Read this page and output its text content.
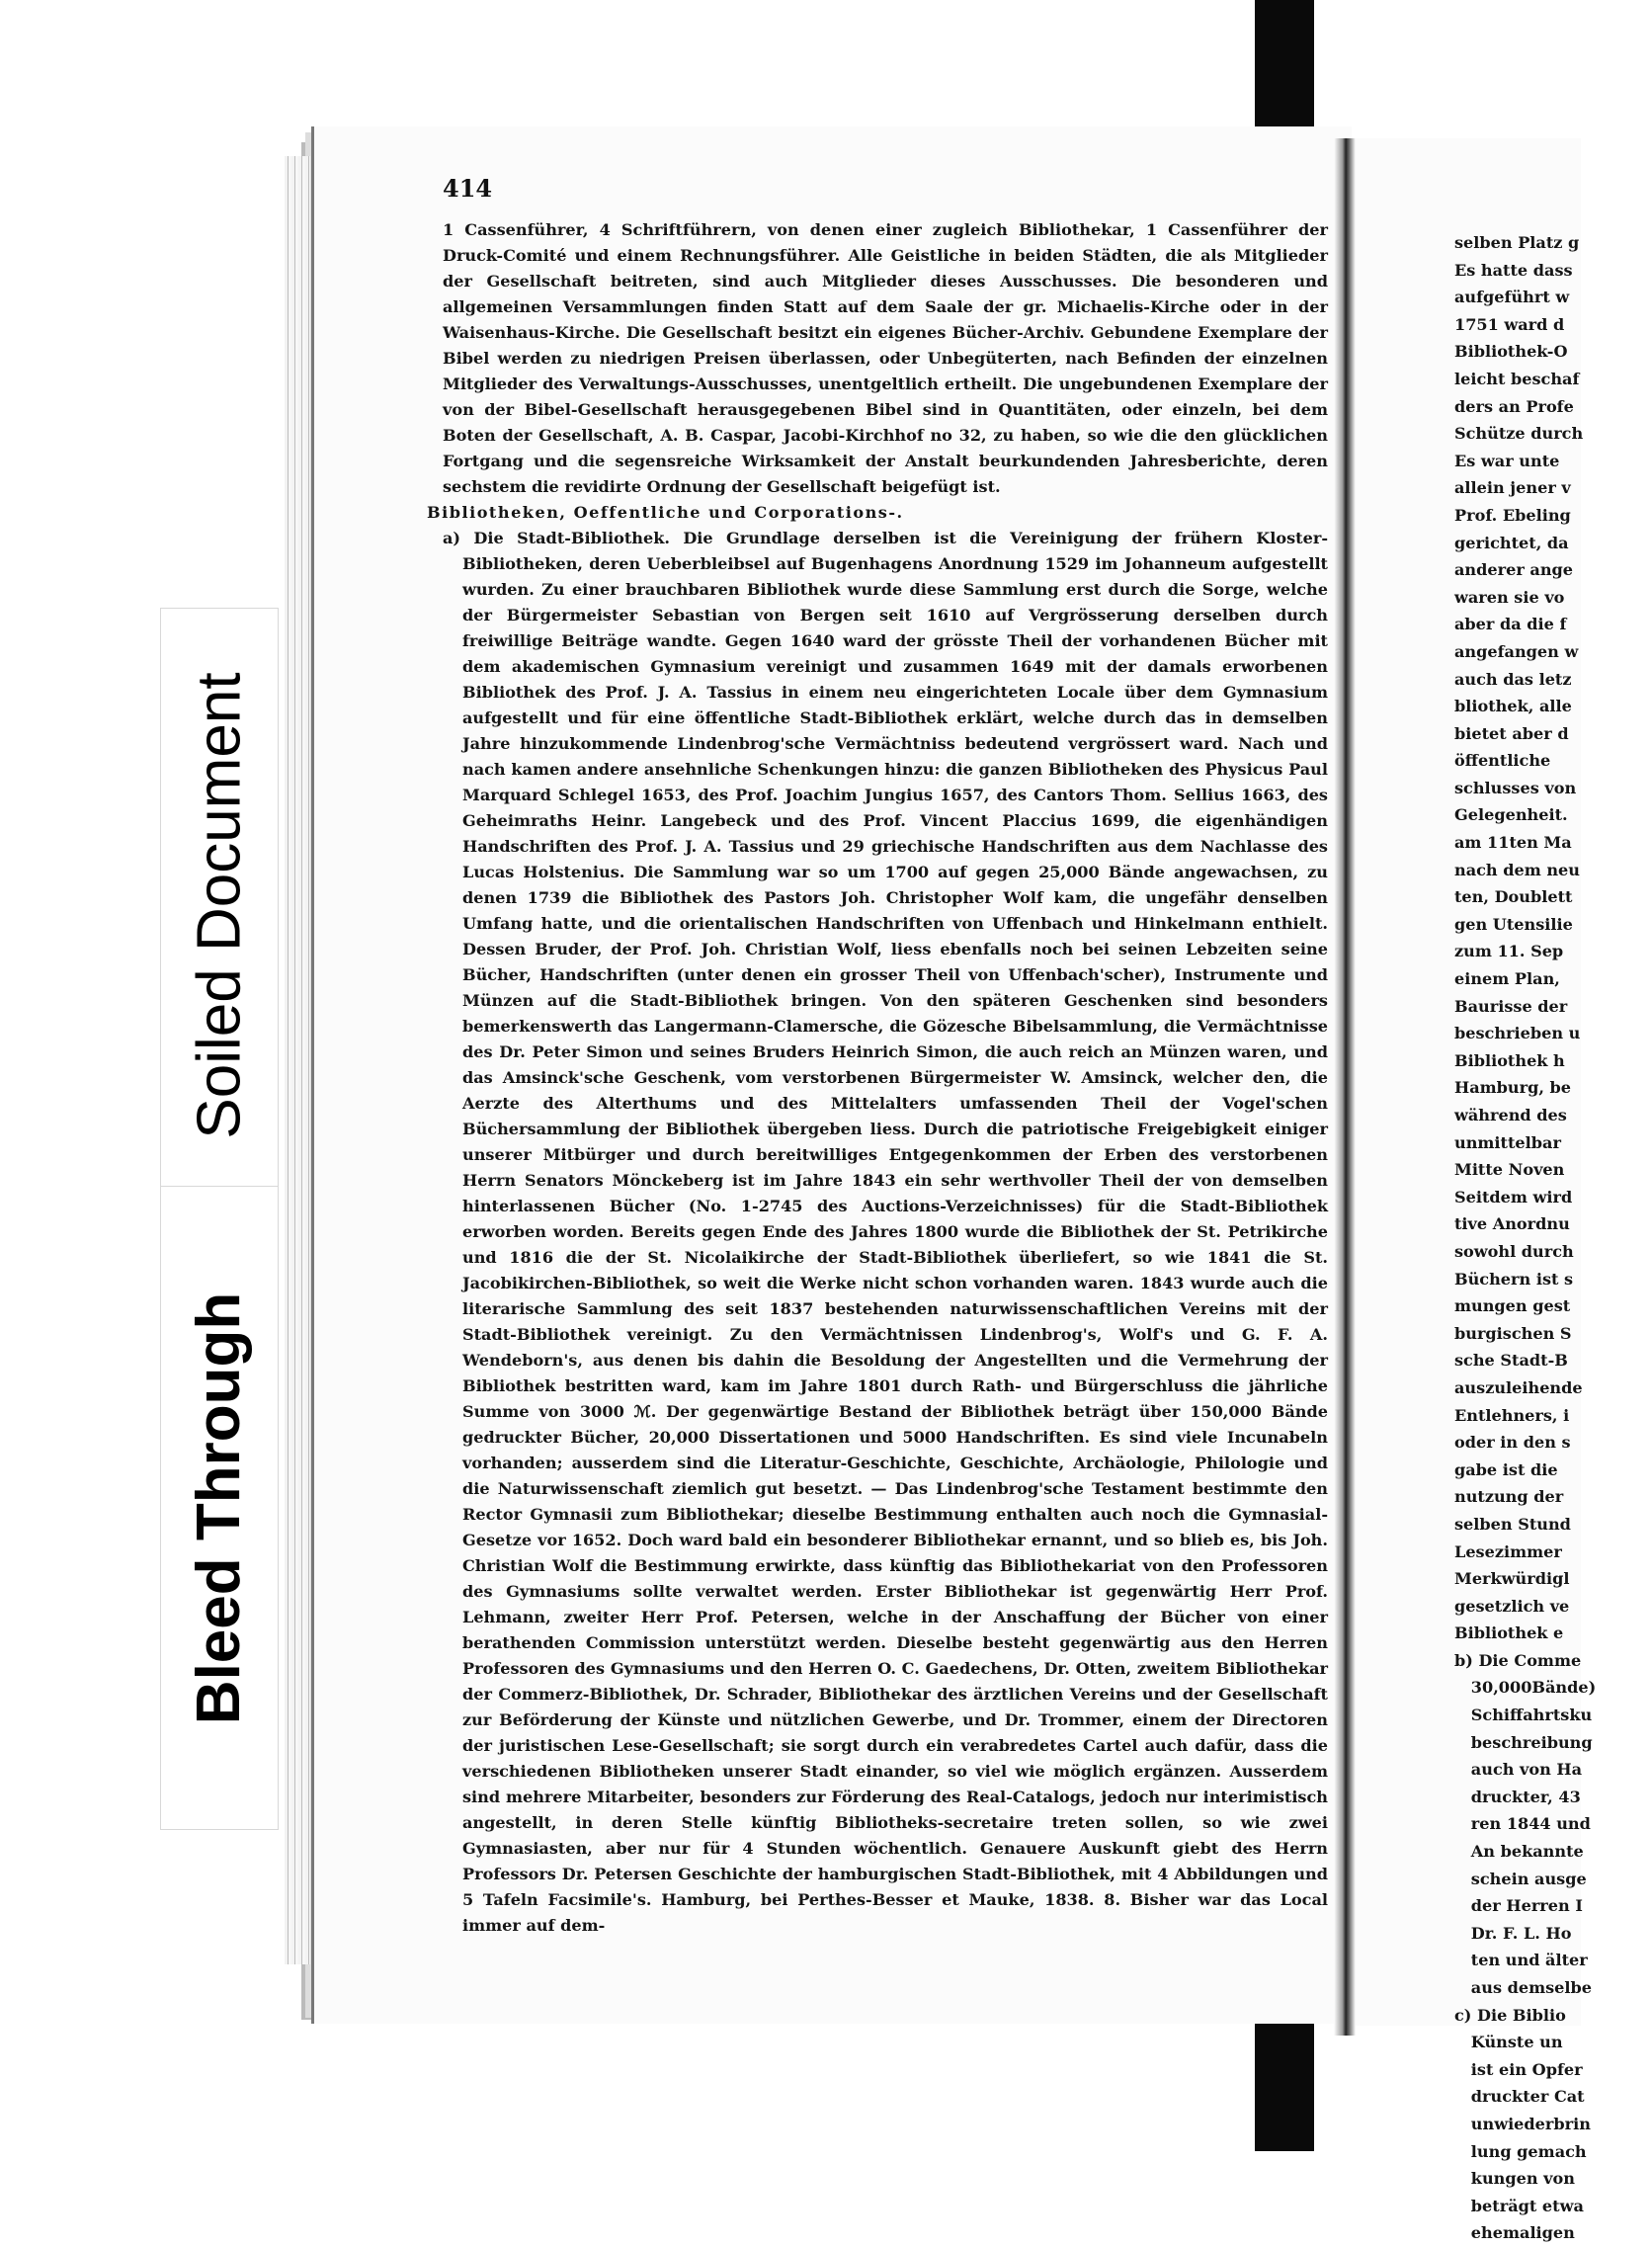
414

1 Cassenführer, 4 Schriftführern, von denen einer zugleich Bibliothekar, 1 Cassenführer der Druck-Comité und einem Rechnungsführer. Alle Geistliche in beiden Städten, die als Mitglieder der Gesellschaft beitreten, sind auch Mitglieder dieses Ausschusses. Die besonderen und allgemeinen Versammlungen finden Statt auf dem Saale der gr. Michaelis-Kirche oder in der Waisenhaus-Kirche. Die Gesellschaft besitzt ein eigenes Bücher-Archiv. Gebundene Exemplare der Bibel werden zu niedrigen Preisen überlassen, oder Unbegüterten, nach Befinden der einzelnen Mitglieder des Verwaltungs-Ausschusses, unentgeltlich ertheilt. Die ungebundenen Exemplare der von der Bibel-Gesellschaft herausgegebenen Bibel sind in Quantitäten, oder einzeln, bei dem Boten der Gesellschaft, A. B. Caspar, Jacobi-Kirchhof no 32, zu haben, so wie die den glücklichen Fortgang und die segensreiche Wirksamkeit der Anstalt beurkundenden Jahresberichte, deren sechstem die revidirte Ordnung der Gesellschaft beigefügt ist.

Bibliotheken, Oeffentliche und Corporations-.

a) Die Stadt-Bibliothek. Die Grundlage derselben ist die Vereinigung der frühern Kloster-Bibliotheken, deren Ueberbleibsel auf Bugenhagens Anordnung 1529 im Johanneum aufgestellt wurden. Zu einer brauchbaren Bibliothek wurde diese Sammlung erst durch die Sorge, welche der Bürgermeister Sebastian von Bergen seit 1610 auf Vergrösserung derselben durch freiwillige Beiträge wandte. Gegen 1640 ward der grösste Theil der vorhandenen Bücher mit dem akademischen Gymnasium vereinigt und zusammen 1649 mit der damals erworbenen Bibliothek des Prof. J. A. Tassius in einem neu eingerichteten Locale über dem Gymnasium aufgestellt und für eine öffentliche Stadt-Bibliothek erklärt, welche durch das in demselben Jahre hinzukommende Lindenbrog'sche Vermächtniss bedeutend vergrössert ward. Nach und nach kamen andere ansehnliche Schenkungen hinzu: die ganzen Bibliotheken des Physicus Paul Marquard Schlegel 1653, des Prof. Joachim Jungius 1657, des Cantors Thom. Sellius 1663, des Geheimraths Heinr. Langebeck und des Prof. Vincent Placcius 1699, die eigenhändigen Handschriften des Prof. J. A. Tassius und 29 griechische Handschriften aus dem Nachlasse des Lucas Holstenius. Die Sammlung war so um 1700 auf gegen 25,000 Bände angewachsen, zu denen 1739 die Bibliothek des Pastors Joh. Christopher Wolf kam, die ungefähr denselben Umfang hatte, und die orientalischen Handschriften von Uffenbach und Hinkelmann enthielt. Dessen Bruder, der Prof. Joh. Christian Wolf, liess ebenfalls noch bei seinen Lebzeiten seine Bücher, Handschriften (unter denen ein grosser Theil von Uffenbach'scher), Instrumente und Münzen auf die Stadt-Bibliothek bringen. Von den späteren Geschenken sind besonders bemerkenswerth das Langermann-Clamersche, die Gözesche Bibelsammlung, die Vermächtnisse des Dr. Peter Simon und seines Bruders Heinrich Simon, die auch reich an Münzen waren, und das Amsinck'sche Geschenk, vom verstorbenen Bürgermeister W. Amsinck, welcher den, die Aerzte des Alterthums und des Mittelalters umfassenden Theil der Vogel'schen Büchersammlung der Bibliothek übergeben liess. Durch die patriotische Freigebigkeit einiger unserer Mitbürger und durch bereitwilliges Entgegenkommen der Erben des verstorbenen Herrn Senators Mönckeberg ist im Jahre 1843 ein sehr werthvoller Theil der von demselben hinterlassenen Bücher (No. 1-2745 des Auctions-Verzeichnisses) für die Stadt-Bibliothek erworben worden. Bereits gegen Ende des Jahres 1800 wurde die Bibliothek der St. Petrikirche und 1816 die der St. Nicolaikirche der Stadt-Bibliothek überliefert, so wie 1841 die St. Jacobikirchen-Bibliothek, so weit die Werke nicht schon vorhanden waren. 1843 wurde auch die literarische Sammlung des seit 1837 bestehenden naturwissenschaftlichen Vereins mit der Stadt-Bibliothek vereinigt. Zu den Vermächtnissen Lindenbrog's, Wolf's und G. F. A. Wendeborn's, aus denen bis dahin die Besoldung der Angestellten und die Vermehrung der Bibliothek bestritten ward, kam im Jahre 1801 durch Rath- und Bürgerschluss die jährliche Summe von 3000 ℳ. Der gegenwärtige Bestand der Bibliothek beträgt über 150,000 Bände gedruckter Bücher, 20,000 Dissertationen und 5000 Handschriften. Es sind viele Incunabeln vorhanden; ausserdem sind die Literatur-Geschichte, Geschichte, Archäologie, Philologie und die Naturwissenschaft ziemlich gut besetzt. — Das Lindenbrog'sche Testament bestimmte den Rector Gymnasii zum Bibliothekar; dieselbe Bestimmung enthalten auch noch die Gymnasial-Gesetze vor 1652. Doch ward bald ein besonderer Bibliothekar ernannt, und so blieb es, bis Joh. Christian Wolf die Bestimmung erwirkte, dass künftig das Bibliothekariat von den Professoren des Gymnasiums sollte verwaltet werden. Erster Bibliothekar ist gegenwärtig Herr Prof. Lehmann, zweiter Herr Prof. Petersen, welche in der Anschaffung der Bücher von einer berathenden Commission unterstützt werden. Dieselbe besteht gegenwärtig aus den Herren Professoren des Gymnasiums und den Herren O. C. Gaedechens, Dr. Otten, zweitem Bibliothekar der Commerz-Bibliothek, Dr. Schrader, Bibliothekar des ärztlichen Vereins und der Gesellschaft zur Beförderung der Künste und nützlichen Gewerbe, und Dr. Trommer, einem der Directoren der juristischen Lese-Gesellschaft; sie sorgt durch ein verabredetes Cartel auch dafür, dass die verschiedenen Bibliotheken unserer Stadt einander, so viel wie möglich ergänzen. Ausserdem sind mehrere Mitarbeiter, besonders zur Förderung des Real-Catalogs, jedoch nur interimistisch angestellt, in deren Stelle künftig Bibliotheks-secretaire treten sollen, so wie zwei Gymnasiasten, aber nur für 4 Stunden wöchentlich. Genauere Auskunft giebt des Herrn Professors Dr. Petersen Geschichte der hamburgischen Stadt-Bibliothek, mit 4 Abbildungen und 5 Tafeln Facsimile's. Hamburg, bei Perthes-Besser et Mauke, 1838. 8. Bisher war das Local immer auf dem-

selben Platz g
Es hatte dass
aufgeführt w
1751 ward d
Bibliothek-O
leicht beschaf
ders an Profe
Schütze durch
Es war unte
allein jener v
Prof. Ebeling
gerichtet, da
anderer ange
waren sie vo
aber da die f
angefangen w
auch das letz
bliothek, alle
bietet aber d
öffentliche
schlusses von
Gelegenheit.
am 11ten Ma
nach dem neu
ten, Doublett
gen Utensilie
zum 11. Sep
einem Plan,
Baurisse der
beschrieben u
Bibliothek h
Hamburg, be
während des
unmittelbar
Mitte Noven
Seitdem wird
tive Anordnu
sowohl durch
Büchern ist s
mungen gest
burgischen S
sche Stadt-B
auszuleihende
Entlehners, i
oder in den s
gabe ist die
nutzung der
selben Stund
Lesezimmer
Merkwürdigl
gesetzlich ve
Bibliothek e
b) Die Comme
30,000Bände)
Schiffahrtsku
beschreibung
auch von Ha
druckter, 43
ren 1844 und
An bekannte
schein ausge
der Herren I
Dr. F. L. Ho
ten und älter
aus demselbe
c) Die Biblio
Künste un
ist ein Opfer
druckter Cat
unwiederbrin
lung gemach
kungen von
beträgt etwa
ehemaligen
Soiled Document
Bleed Through
